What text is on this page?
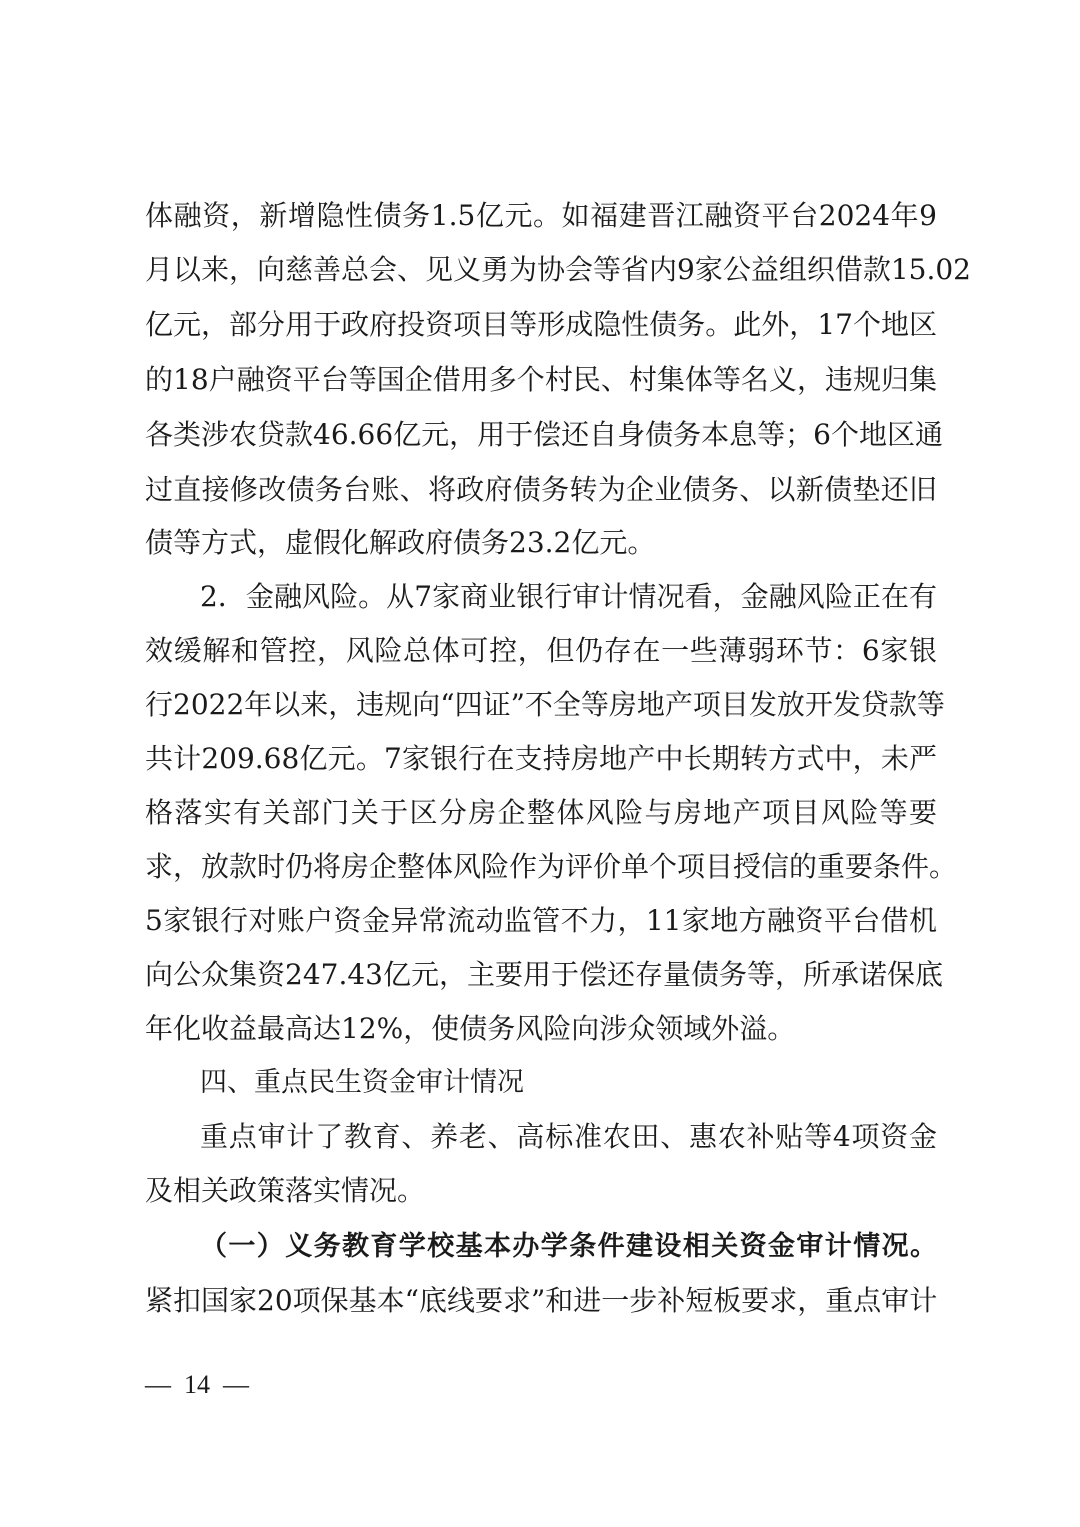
体融资，新增隐性债务1.5亿元。如福建晋江融资平台2024年9
月以来，向慈善总会、见义勇为协会等省内9家公益组织借款15.02
亿元，部分用于政府投资项目等形成隐性债务。此外，17个地区
的18户融资平台等国企借用多个村民、村集体等名义，违规归集
各类涉农贷款46.66亿元，用于偿还自身债务本息等；6个地区通
过直接修改债务台账、将政府债务转为企业债务、以新债垫还旧
债等方式，虚假化解政府债务23.2亿元。
2．金融风险。从7家商业银行审计情况看，金融风险正在有
效缓解和管控，风险总体可控，但仍存在一些薄弱环节：6家银
行2022年以来，违规向“四证”不全等房地产项目发放开发贷款等
共计209.68亿元。7家银行在支持房地产中长期转方式中，未严
格落实有关部门关于区分房企整体风险与房地产项目风险等要
求，放款时仍将房企整体风险作为评价单个项目授信的重要条件。
5家银行对账户资金异常流动监管不力，11家地方融资平台借机
向公众集资247.43亿元，主要用于偿还存量债务等，所承诺保底
年化收益最高达12%，使债务风险向涉众领域外溢。
四、重点民生资金审计情况
重点审计了教育、养老、高标准农田、惠农补贴等4项资金
及相关政策落实情况。
（一）义务教育学校基本办学条件建设相关资金审计情况。
紧扣国家20项保基本“底线要求”和进一步补短板要求，重点审计
—  14  —
